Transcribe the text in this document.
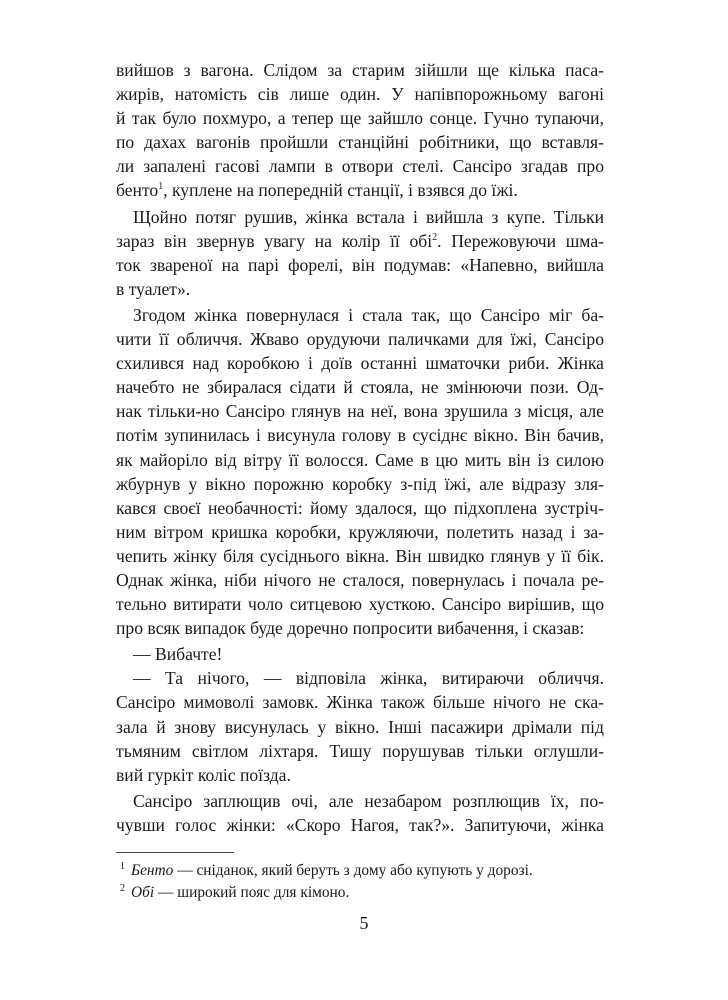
вийшов з вагона. Слідом за старим зійшли ще кілька паса-
жирів, натомість сів лише один. У напівпорожньому вагоні
й так було похмуро, а тепер ще зайшло сонце. Гучно тупаючи,
по дахах вагонів пройшли станційні робітники, що вставля-
ли запалені гасові лампи в отвори стелі. Сансіро згадав про
бенто$^1$, куплене на попередній станції, і взявся до їжі.
Щойно потяг рушив, жінка встала і вийшла з купе. Тільки
зараз він звернув увагу на колір її обі$^2$. Пережовуючи шма-
ток звареної на парі форелі, він подумав: «Напевно, вийшла
в туалет».
Згодом жінка повернулася і стала так, що Сансіро міг ба-
чити її обличчя. Жваво орудуючи паличками для їжі, Сансіро
схилився над коробкою і доїв останні шматочки риби. Жінка
начебто не збиралася сідати й стояла, не змінюючи пози. Од-
нак тільки-но Сансіро глянув на неї, вона зрушила з місця, але
потім зупинилась і висунула голову в сусіднє вікно. Він бачив,
як майоріло від вітру її волосся. Саме в цю мить він із силою
жбурнув у вікно порожню коробку з-під їжі, але відразу зля-
кався своєї необачності: йому здалося, що підхоплена зустріч-
ним вітром кришка коробки, кружляючи, полетить назад і за-
чепить жінку біля сусіднього вікна. Він швидко глянув у її бік.
Однак жінка, ніби нічого не сталося, повернулась і почала ре-
тельно витирати чоло ситцевою хусткою. Сансіро вирішив, що
про всяк випадок буде доречно попросити вибачення, і сказав:
— Вибачте!
— Та нічого, — відповіла жінка, витираючи обличчя.
Сансіро мимоволі замовк. Жінка також більше нічого не ска-
зала й знову висунулась у вікно. Інші пасажири дрімали під
тьмяним світлом ліхтаря. Тишу порушував тільки оглушли-
вий гуркіт коліс поїзда.
Сансіро заплющив очі, але незабаром розплющив їх, по-
чувши голос жінки: «Скоро Нагоя, так?». Запитуючи, жінка
$^1$ Бенто — сніданок, який беруть з дому або купують у дорозі.
$^2$ Обі — широкий пояс для кімоно.
5
